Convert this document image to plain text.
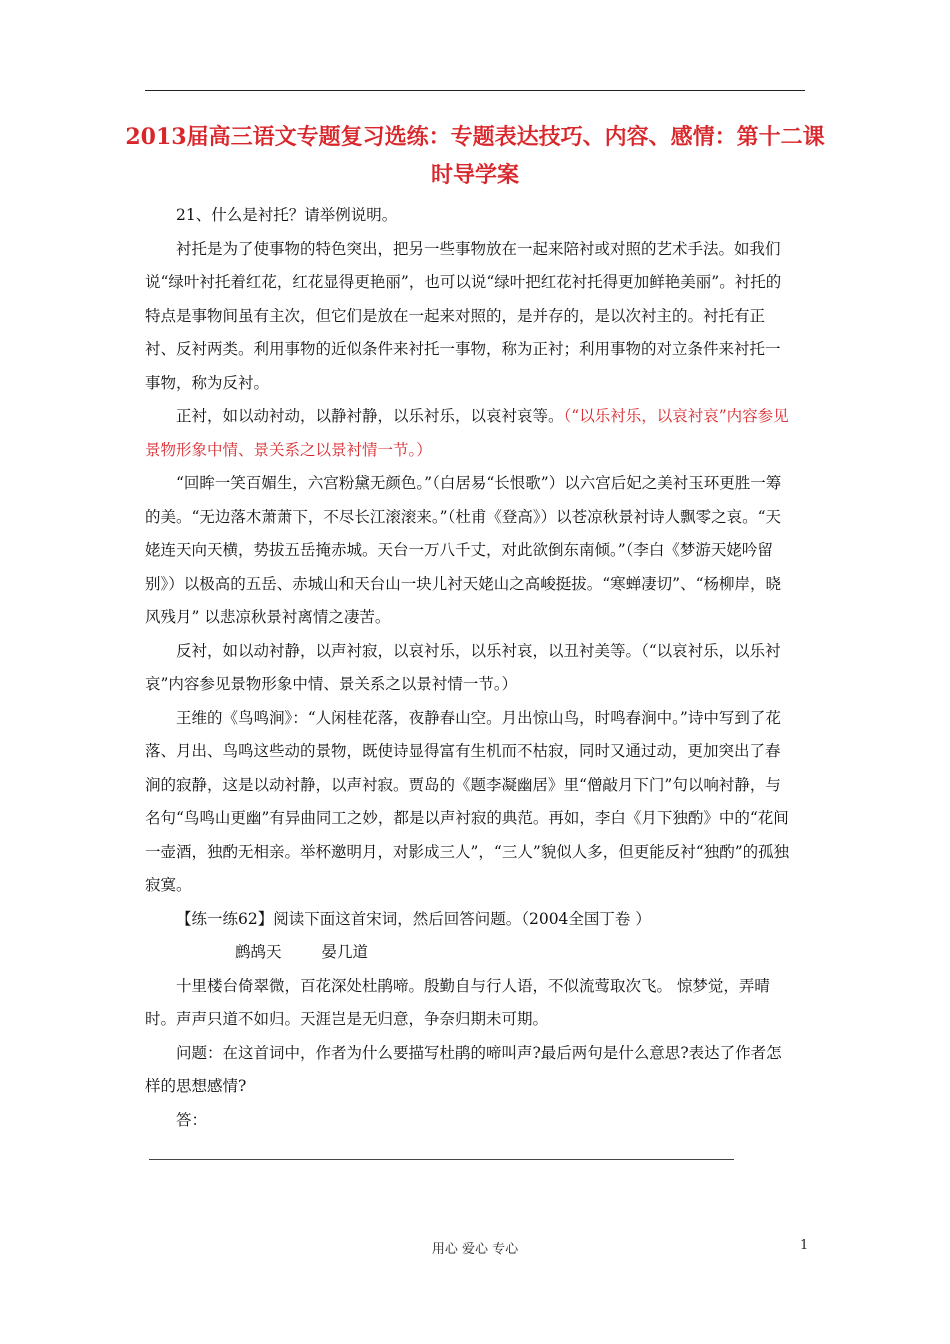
2013届高三语文专题复习选练：专题表达技巧、内容、感情：第十二课时导学案

21、什么是衬托？请举例说明。

衬托是为了使事物的特色突出，把另一些事物放在一起来陪衬或对照的艺术手法。如我们说“绿叶衬托着红花，红花显得更艳丽”，也可以说“绿叶把红花衬托得更加鲜艳美丽”。衬托的特点是事物间虽有主次，但它们是放在一起来对照的，是并存的，是以次衬主的。衬托有正衬、反衬两类。利用事物的近似条件来衬托一事物，称为正衬；利用事物的对立条件来衬托一事物，称为反衬。

正衬，如以动衬动，以静衬静，以乐衬乐，以哀衬哀等。（“以乐衬乐，以哀衬哀”内容参见景物形象中情、景关系之以景衬情一节。）

“回眸一笑百媚生，六宫粉黛无颜色。”（白居易“长恨歌”）以六宫后妃之美衬玉环更胜一筹的美。“无边落木萧萧下，不尽长江滚滚来。”（杜甫《登高》）以苍凉秋景衬诗人飘零之哀。“天姥连天向天横，势拔五岳掩赤城。天台一万八千丈，对此欲倒东南倾。”（李白《梦游天姥吟留别》）以极高的五岳、赤城山和天台山一块儿衬天姥山之高峻挺拔。“寒蝉凄切”、“杨柳岸，晓风残月” 以悲凉秋景衬离情之凄苦。

反衬，如以动衬静，以声衬寂，以哀衬乐，以乐衬哀，以丑衬美等。（“以哀衬乐，以乐衬哀”内容参见景物形象中情、景关系之以景衬情一节。）

王维的《鸟鸣涧》：“人闲桂花落，夜静春山空。月出惊山鸟，时鸣春涧中。”诗中写到了花落、月出、鸟鸣这些动的景物，既使诗显得富有生机而不枯寂，同时又通过动，更加突出了春涧的寂静，这是以动衬静，以声衬寂。贾岛的《题李凝幽居》里“僧敲月下门”句以响衬静，与名句“鸟鸣山更幽”有异曲同工之妙，都是以声衬寂的典范。再如，李白《月下独酌》中的“花间一壶酒，独酌无相亲。举杯邀明月，对影成三人”，“三人”貌似人多，但更能反衬“独酌”的孤独寂寞。

【练一练62】阅读下面这首宋词，然后回答问题。（2004全国丁卷 ）

鹧鸪天	晏几道

十里楼台倚翠微，百花深处杜鹃啼。殷勤自与行人语，不似流莺取次飞。 惊梦觉，弄晴时。声声只道不如归。天涯岂是无归意，争奈归期未可期。

问题：在这首词中，作者为什么要描写杜鹃的啼叫声?最后两句是什么意思?表达了作者怎样的思想感情?

答：

用心 爱心 专心	1
